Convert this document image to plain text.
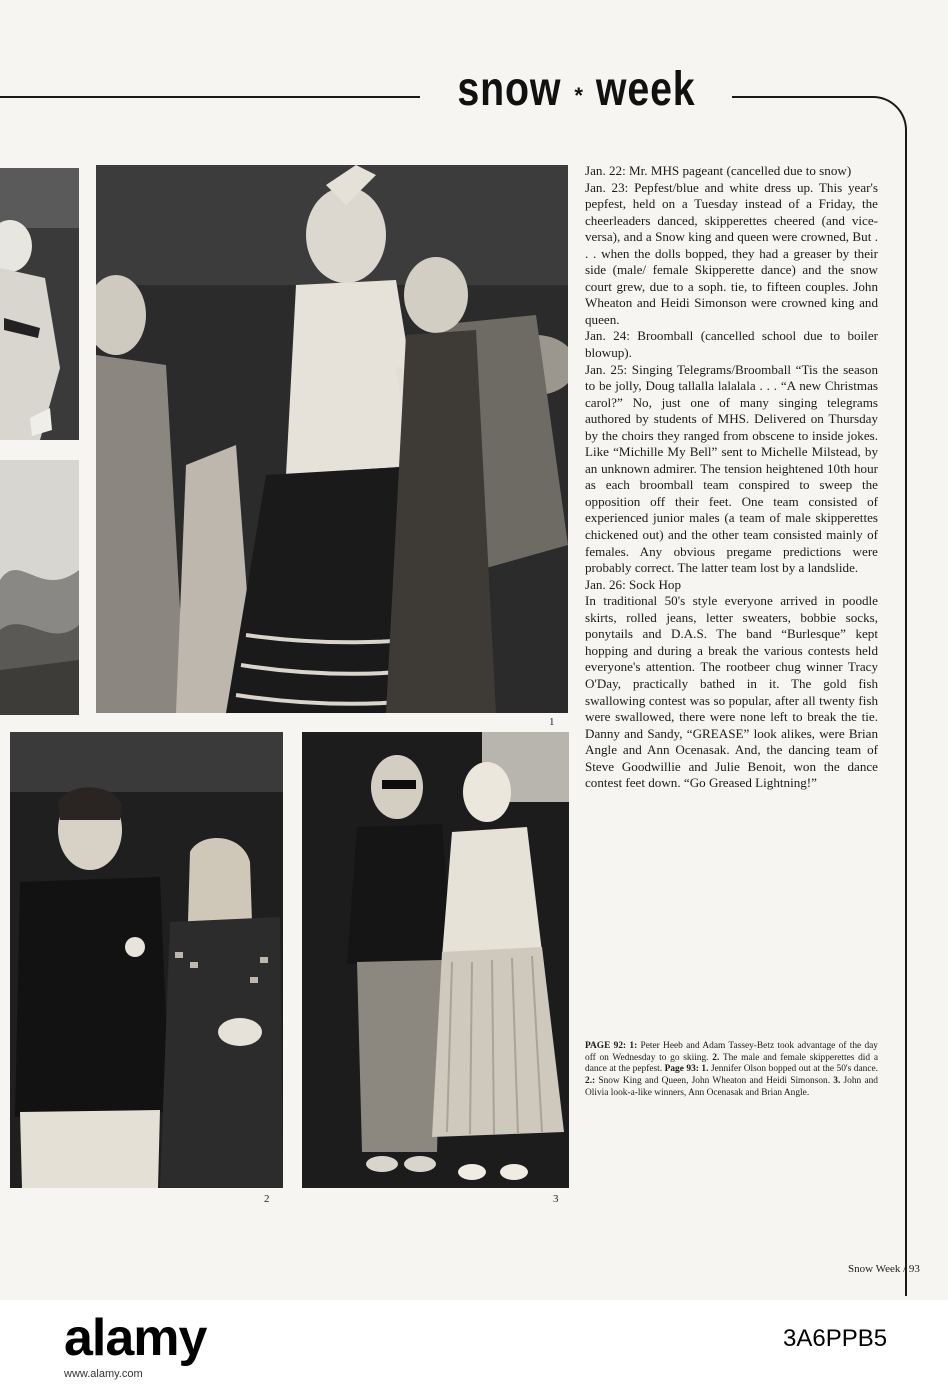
snow * week
1
2	3

Jan. 22: Mr. MHS pageant (cancelled due to snow)

Jan. 23: Pepfest/blue and white dress up. This year's pepfest, held on a Tuesday instead of a Friday, the cheerleaders danced, skipperettes cheered (and vice-versa), and a Snow king and queen were crowned, But . . . when the dolls bopped, they had a greaser by their side (male/ female Skipperette dance) and the snow court grew, due to a soph. tie, to fifteen couples. John Wheaton and Heidi Simonson were crowned king and queen.

Jan. 24: Broomball (cancelled school due to boiler blowup).

Jan. 25: Singing Telegrams/Broomball “Tis the season to be jolly, Doug tallalla lalalala . . . “A new Christmas carol?” No, just one of many singing telegrams authored by students of MHS. Delivered on Thursday by the choirs they ranged from obscene to inside jokes. Like “Michille My Bell” sent to Michelle Milstead, by an unknown admirer. The tension heightened 10th hour as each broomball team conspired to sweep the opposition off their feet. One team consisted of experienced junior males (a team of male skipperettes chickened out) and the other team consisted mainly of females. Any obvious pregame predictions were probably correct. The latter team lost by a landslide.

Jan. 26: Sock Hop

In traditional 50's style everyone arrived in poodle skirts, rolled jeans, letter sweaters, bobbie socks, ponytails and D.A.S. The band “Burlesque” kept hopping and during a break the various contests held everyone's attention. The rootbeer chug winner Tracy O'Day, practically bathed in it. The gold fish swallowing contest was so popular, after all twenty fish were swallowed, there were none left to break the tie. Danny and Sandy, “GREASE” look alikes, were Brian Angle and Ann Ocenasak. And, the dancing team of Steve Goodwillie and Julie Benoit, won the dance contest feet down. “Go Greased Lightning!”

PAGE 92: 1: Peter Heeb and Adam Tassey-Betz took advantage of the day off on Wednesday to go skiing. 2. The male and female skipperettes did a dance at the pepfest. Page 93: 1. Jennifer Olson bopped out at the 50's dance. 2.: Snow King and Queen, John Wheaton and Heidi Simonson. 3. John and Olivia look-a-like winners, Ann Ocenasak and Brian Angle.
Snow Week / 93
alamy
www.alamy.com
3A6PPB5
